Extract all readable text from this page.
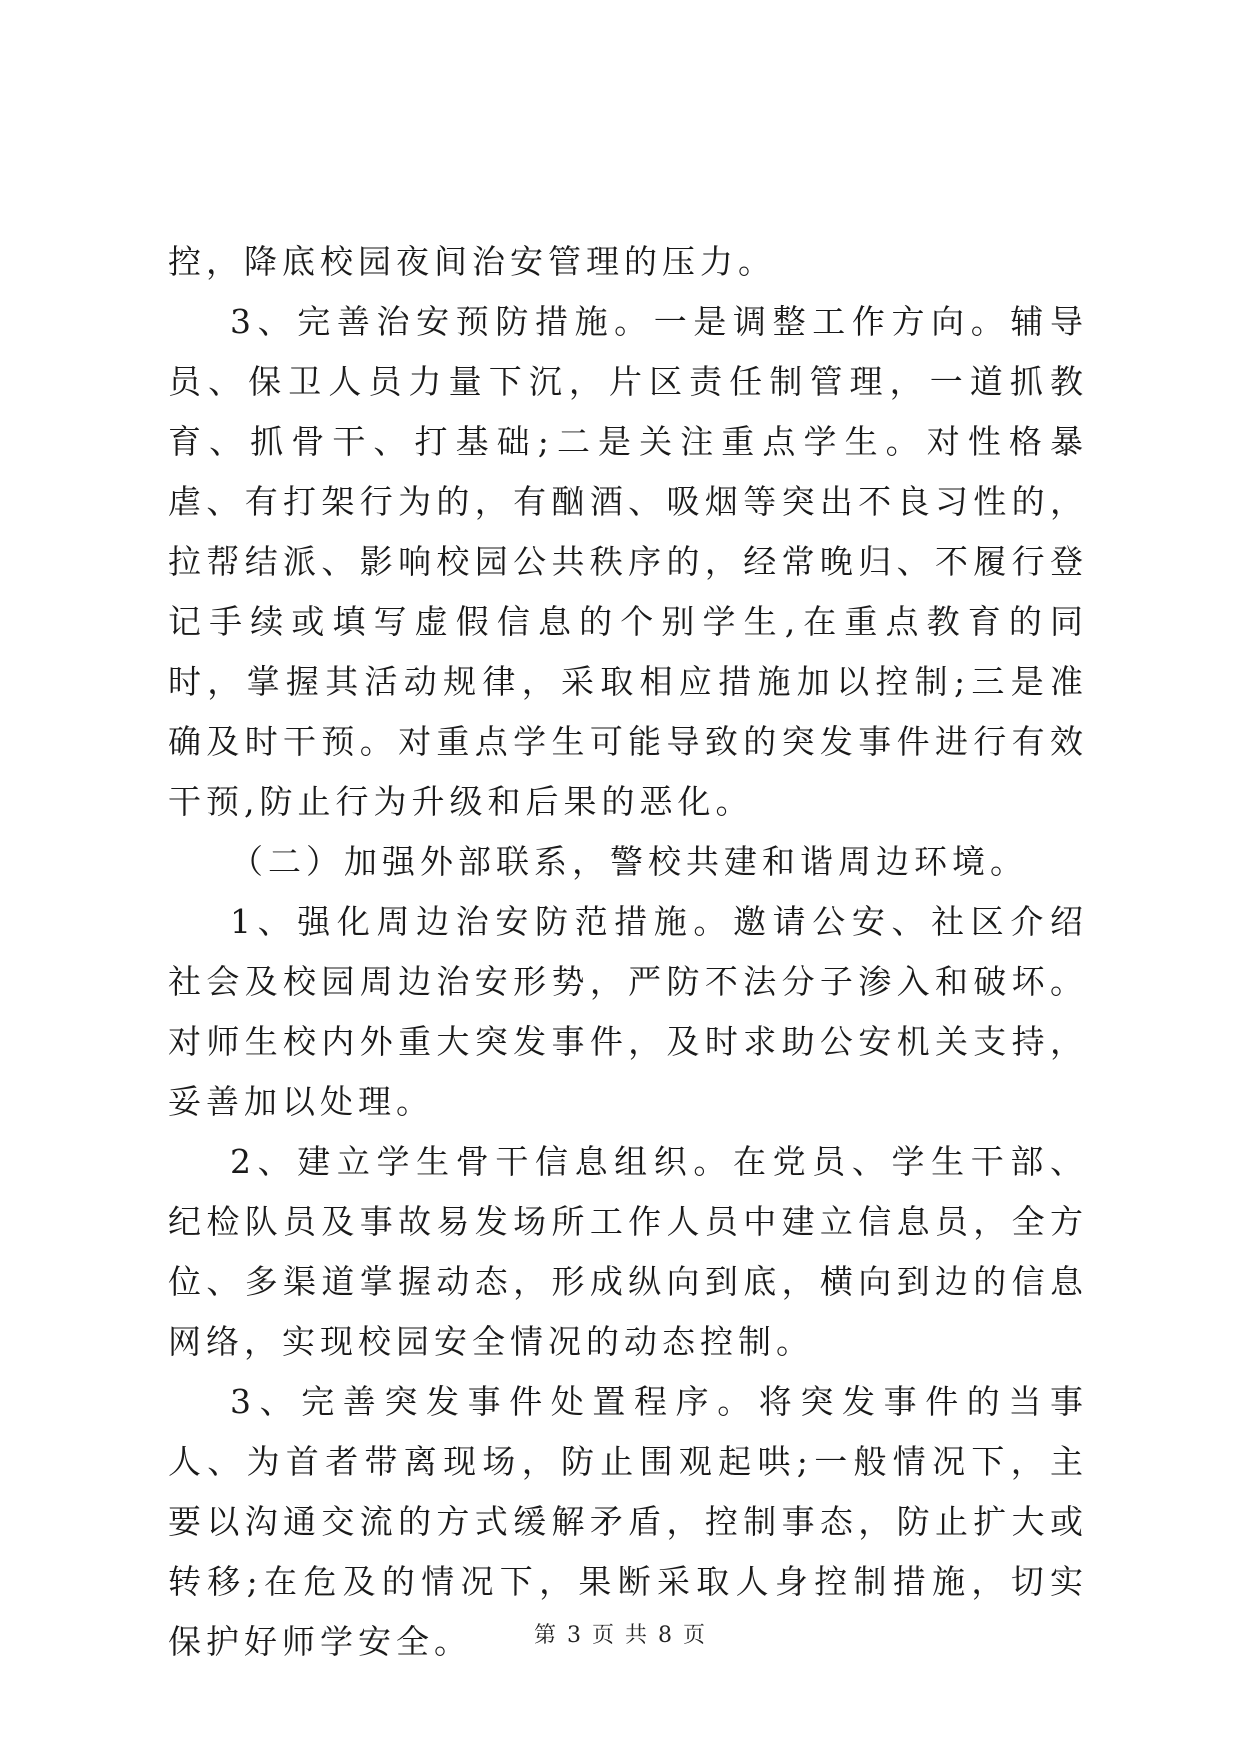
控，降底校园夜间治安管理的压力。

3、完善治安预防措施。一是调整工作方向。辅导员、保卫人员力量下沉，片区责任制管理，一道抓教育、抓骨干、打基础;二是关注重点学生。对性格暴虐、有打架行为的，有酗酒、吸烟等突出不良习性的，拉帮结派、影响校园公共秩序的，经常晚归、不履行登记手续或填写虚假信息的个别学生,在重点教育的同时，掌握其活动规律，采取相应措施加以控制;三是准确及时干预。对重点学生可能导致的突发事件进行有效干预,防止行为升级和后果的恶化。

（二）加强外部联系，警校共建和谐周边环境。

1、强化周边治安防范措施。邀请公安、社区介绍社会及校园周边治安形势，严防不法分子渗入和破坏。对师生校内外重大突发事件，及时求助公安机关支持，妥善加以处理。

2、建立学生骨干信息组织。在党员、学生干部、纪检队员及事故易发场所工作人员中建立信息员，全方位、多渠道掌握动态，形成纵向到底，横向到边的信息网络，实现校园安全情况的动态控制。

3、完善突发事件处置程序。将突发事件的当事人、为首者带离现场，防止围观起哄;一般情况下，主要以沟通交流的方式缓解矛盾，控制事态，防止扩大或转移;在危及的情况下，果断采取人身控制措施，切实保护好师学安全。	第 3 页 共 8 页
